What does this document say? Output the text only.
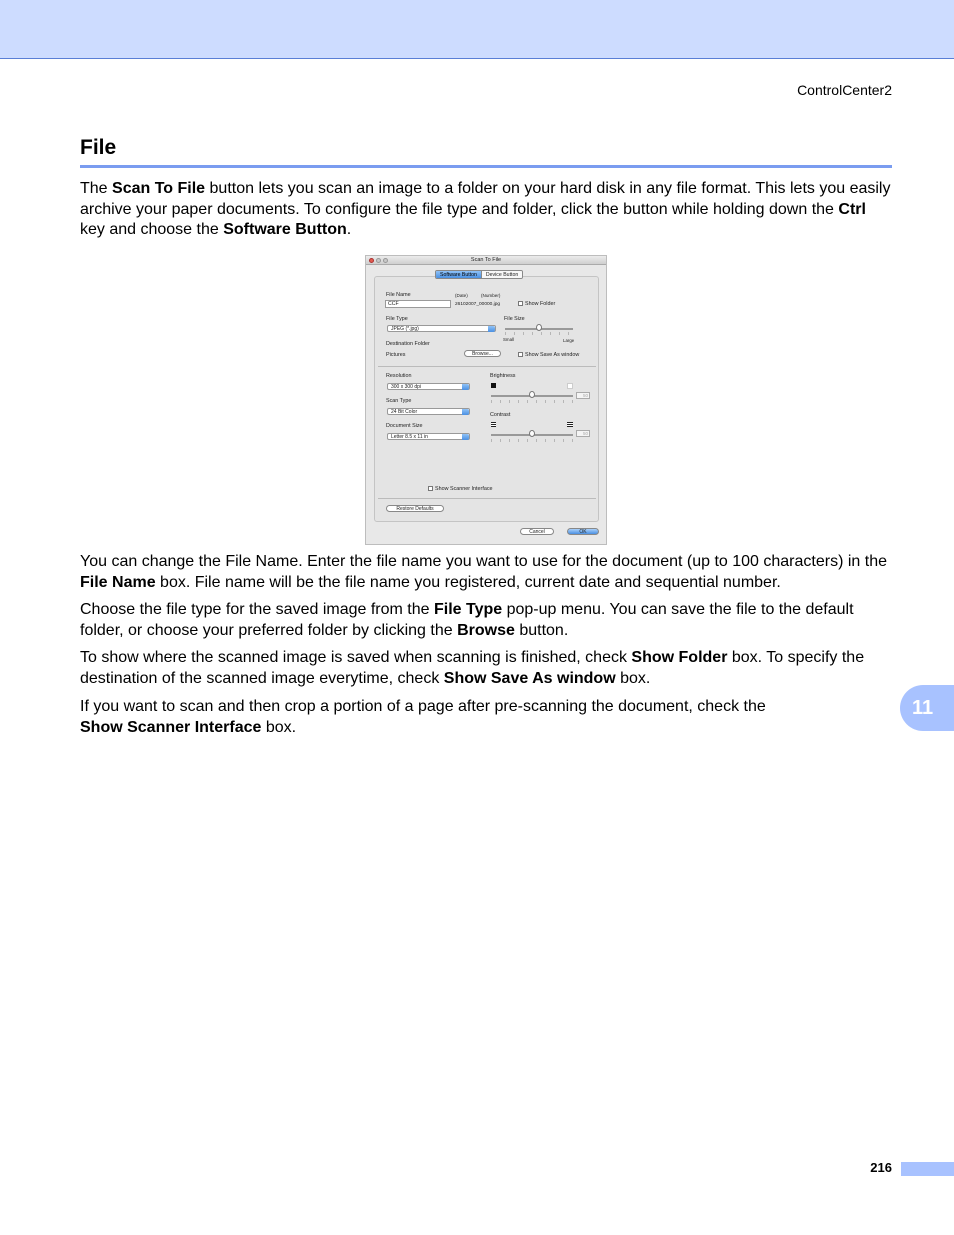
ControlCenter2
File

The Scan To File button lets you scan an image to a folder on your hard disk in any file format. This lets you easily archive your paper documents. To configure the file type and folder, click the button while holding down the Ctrl key and choose the Software Button.

Scan To File
Software Button	Device Button
File Name	(Date)	(Number)
CCF	26102007_00000.jpg	Show Folder
File Type
JPEG (*.jpg)
File Size
Small	Large
Destination Folder
Pictures	Browse...	Show Save As window
Resolution
300 x 300 dpi
Scan Type
24 Bit Color
Document Size
Letter 8.5 x 11 in
Brightness
50
Contrast
50
Show Scanner Interface
Restore Defaults
Cancel	OK

You can change the File Name. Enter the file name you want to use for the document (up to 100 characters) in the File Name box. File name will be the file name you registered, current date and sequential number.

Choose the file type for the saved image from the File Type pop-up menu. You can save the file to the default folder, or choose your preferred folder by clicking the Browse button.

To show where the scanned image is saved when scanning is finished, check Show Folder box. To specify the destination of the scanned image everytime, check Show Save As window box.

If you want to scan and then crop a portion of a page after pre-scanning the document, check the
Show Scanner Interface box.

11
216
